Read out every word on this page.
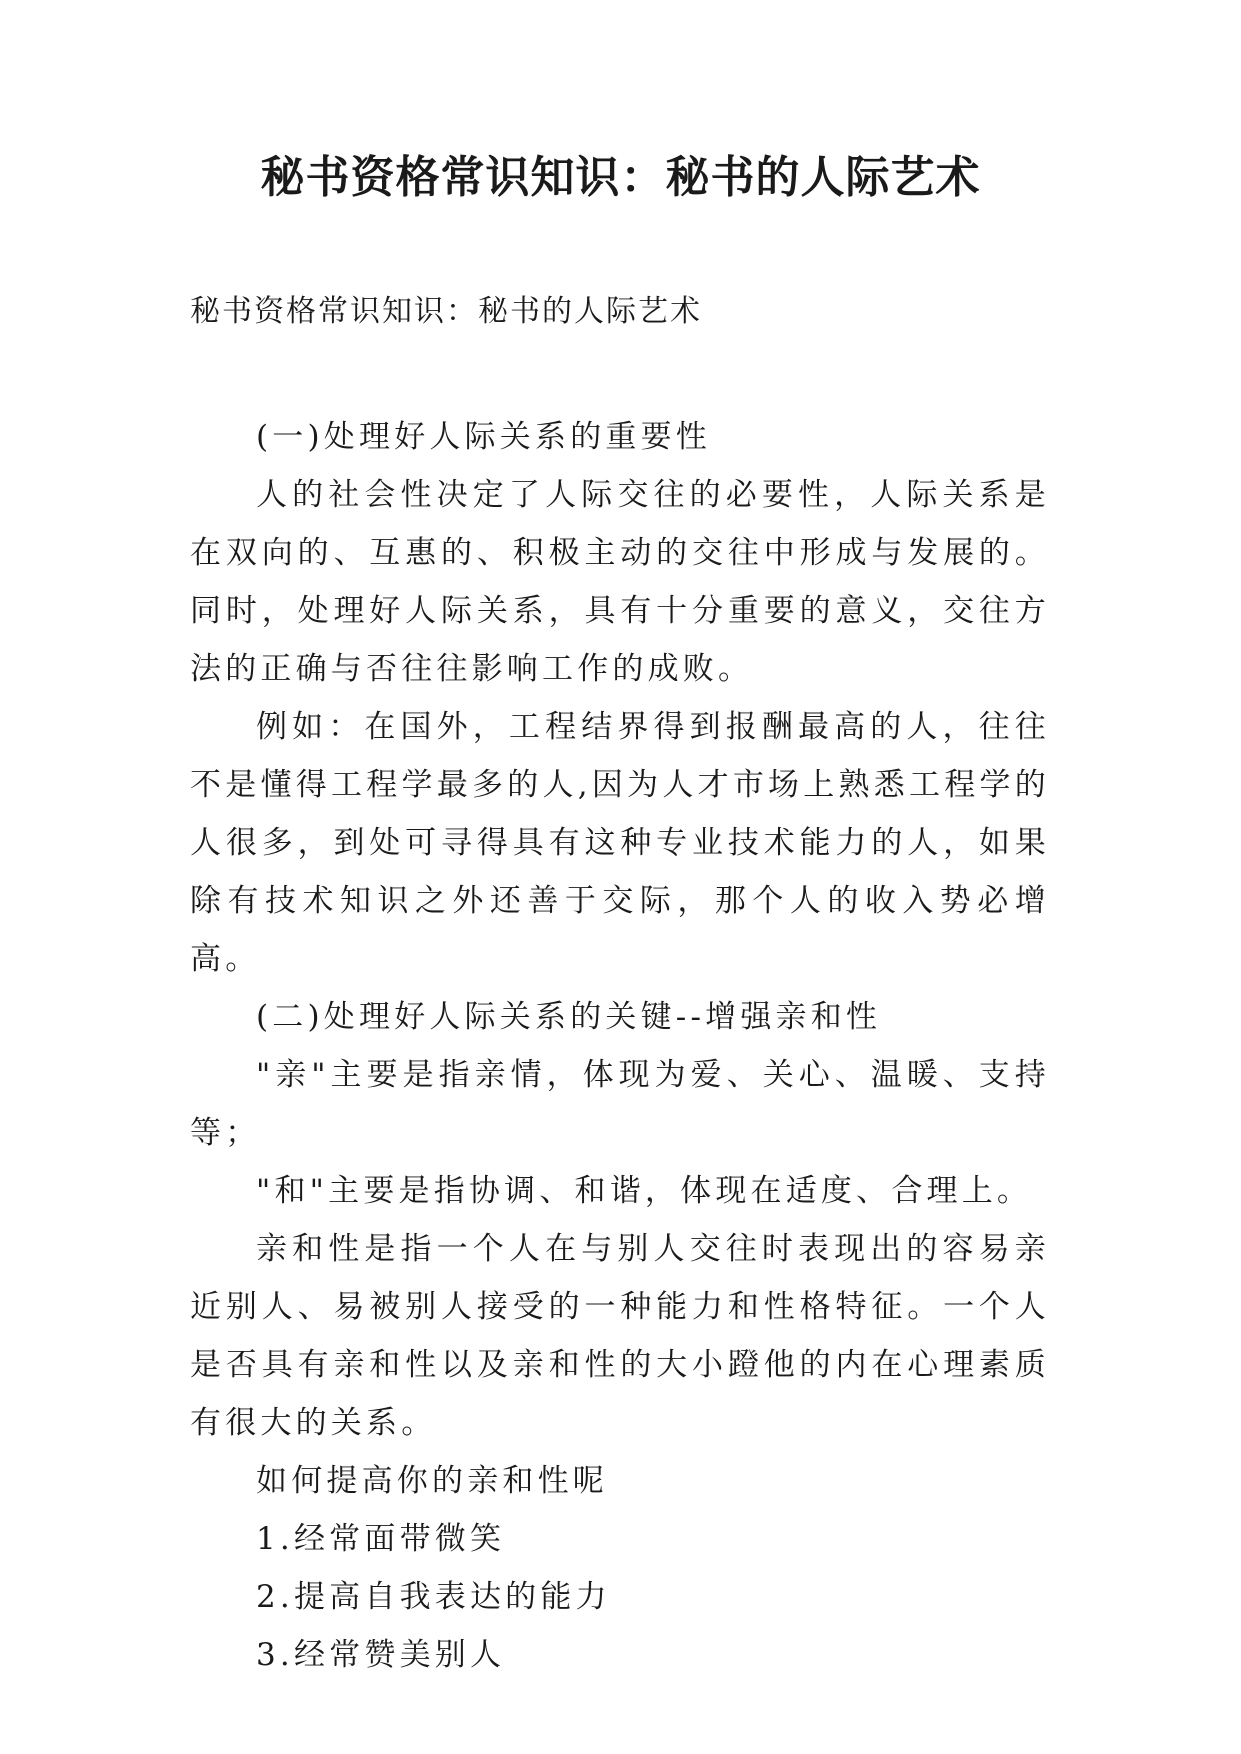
秘书资格常识知识：秘书的人际艺术
秘书资格常识知识：秘书的人际艺术

(一)处理好人际关系的重要性

人的社会性决定了人际交往的必要性，人际关系是在双向的、互惠的、积极主动的交往中形成与发展的。同时，处理好人际关系，具有十分重要的意义，交往方法的正确与否往往影响工作的成败。

例如：在国外，工程结界得到报酬最高的人，往往不是懂得工程学最多的人,因为人才市场上熟悉工程学的人很多，到处可寻得具有这种专业技术能力的人，如果除有技术知识之外还善于交际，那个人的收入势必增高。

(二)处理好人际关系的关键--增强亲和性

"亲"主要是指亲情，体现为爱、关心、温暖、支持等；

"和"主要是指协调、和谐，体现在适度、合理上。

亲和性是指一个人在与别人交往时表现出的容易亲近别人、易被别人接受的一种能力和性格特征。一个人是否具有亲和性以及亲和性的大小蹬他的内在心理素质有很大的关系。

如何提高你的亲和性呢

1.经常面带微笑

2.提高自我表达的能力

3.经常赞美别人
